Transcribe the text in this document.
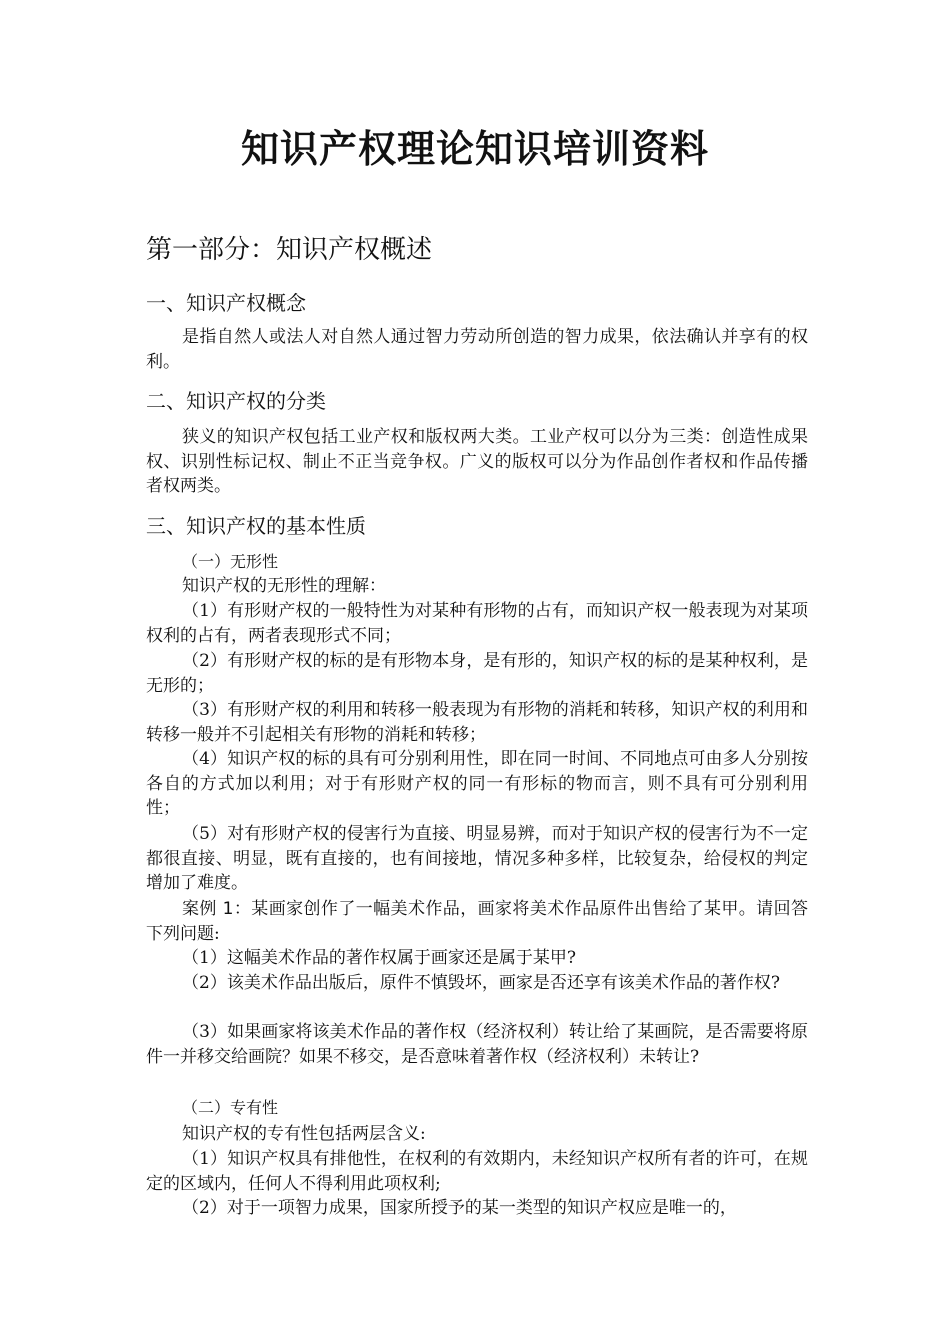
知识产权理论知识培训资料
第一部分：知识产权概述
一、知识产权概念

是指自然人或法人对自然人通过智力劳动所创造的智力成果，依法确认并享有的权利。

二、知识产权的分类

狭义的知识产权包括工业产权和版权两大类。工业产权可以分为三类：创造性成果权、识别性标记权、制止不正当竞争权。广义的版权可以分为作品创作者权和作品传播者权两类。

三、知识产权的基本性质

（一）无形性

知识产权的无形性的理解：

（1）有形财产权的一般特性为对某种有形物的占有，而知识产权一般表现为对某项权利的占有，两者表现形式不同；

（2）有形财产权的标的是有形物本身，是有形的，知识产权的标的是某种权利，是无形的；

（3）有形财产权的利用和转移一般表现为有形物的消耗和转移，知识产权的利用和转移一般并不引起相关有形物的消耗和转移；

（4）知识产权的标的具有可分别利用性，即在同一时间、不同地点可由多人分别按各自的方式加以利用；对于有形财产权的同一有形标的物而言，则不具有可分别利用性；

（5）对有形财产权的侵害行为直接、明显易辨，而对于知识产权的侵害行为不一定都很直接、明显，既有直接的，也有间接地，情况多种多样，比较复杂，给侵权的判定增加了难度。

案例 1：某画家创作了一幅美术作品，画家将美术作品原件出售给了某甲。请回答下列问题:

（1）这幅美术作品的著作权属于画家还是属于某甲?

（2）该美术作品出版后，原件不慎毁坏，画家是否还享有该美术作品的著作权?

（3）如果画家将该美术作品的著作权（经济权利）转让给了某画院，是否需要将原件一并移交给画院？如果不移交，是否意味着著作权（经济权利）未转让?

（二）专有性

知识产权的专有性包括两层含义:

（1）知识产权具有排他性，在权利的有效期内，未经知识产权所有者的许可，在规定的区域内，任何人不得利用此项权利;

（2）对于一项智力成果，国家所授予的某一类型的知识产权应是唯一的，
